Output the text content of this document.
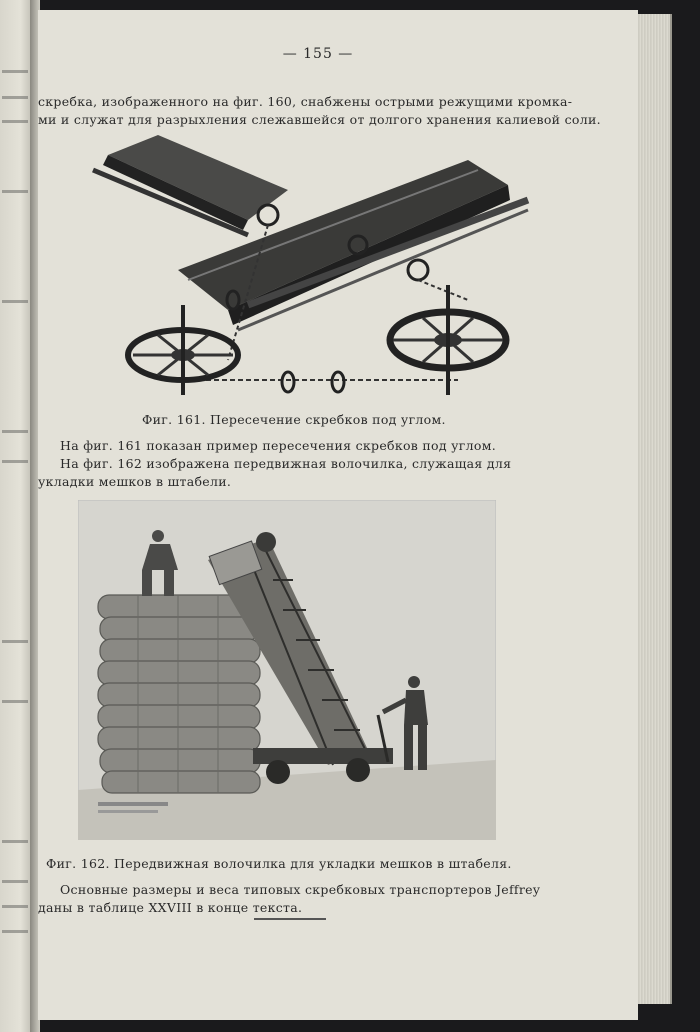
— 155 —
скребка, изображенного на фиг. 160, снабжены острыми режущими кромка-
ми и служат для разрыхления слежавшейся от долгого хранения калиевой соли.
Фиг. 161. Пересечение скребков под углом.
На фиг. 161 показан пример пересечения скребков под углом.
На фиг. 162 изображена передвижная волочилка, служащая для
укладки мешков в штабели.
Фиг. 162. Передвижная волочилка для укладки мешков в штабеля.
Основные размеры и веса типовых скребковых транспортеров Jeffrey
даны в таблице XXVIII в конце текста.
